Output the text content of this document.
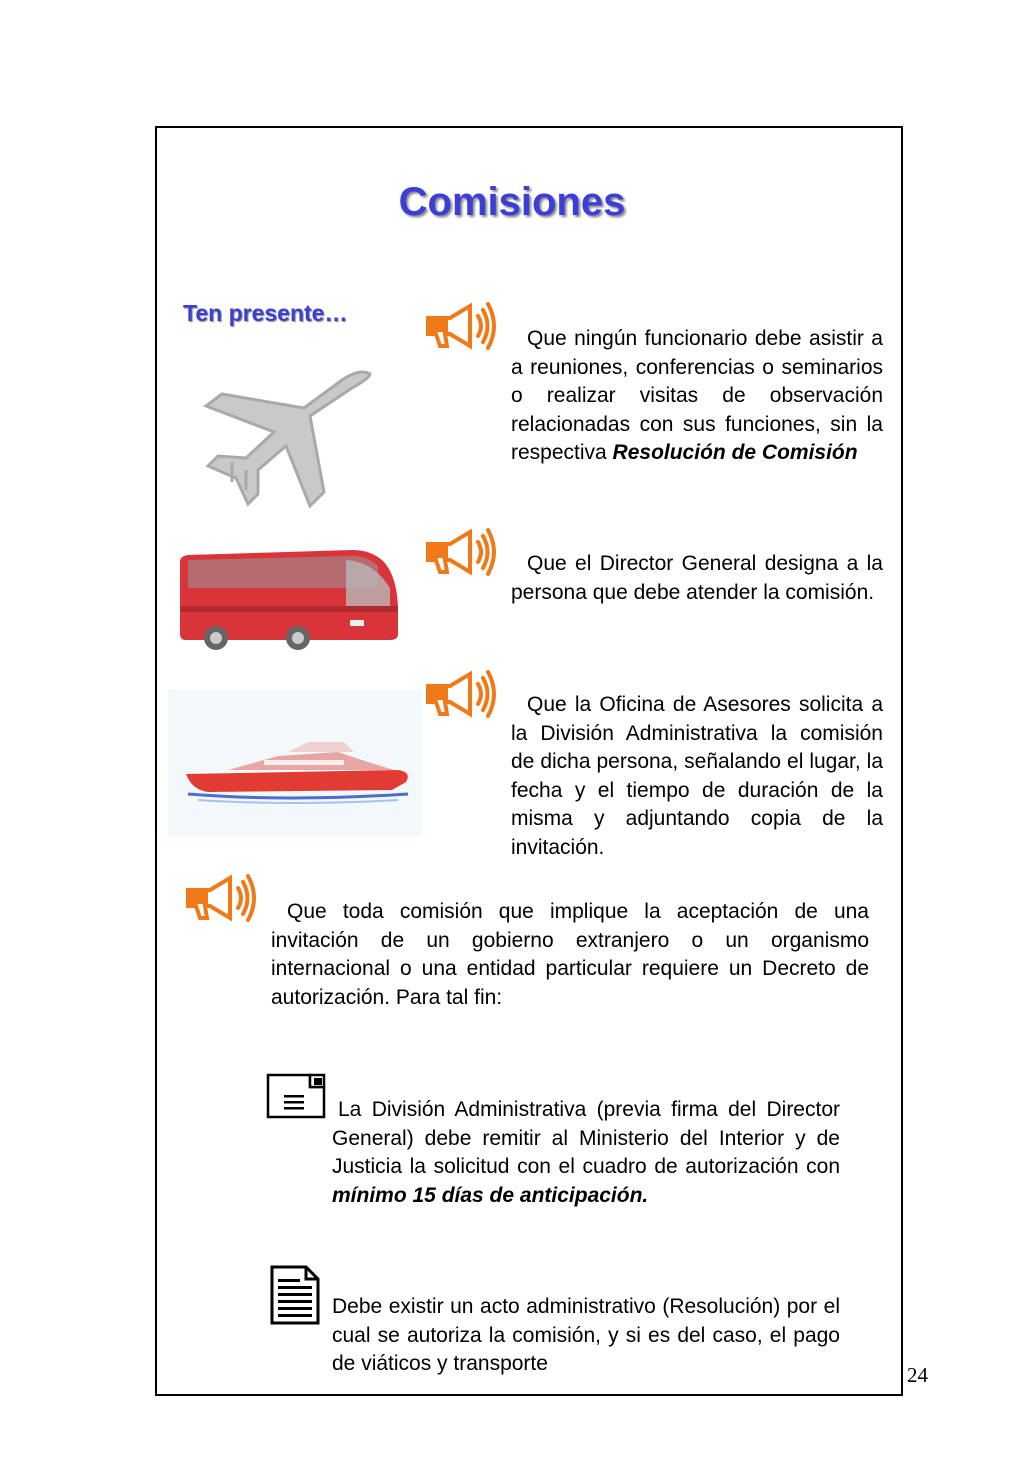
Comisiones
Ten presente…
Que ningún funcionario debe asistir a a reuniones, conferencias o seminarios o realizar visitas de observación relacionadas con sus funciones, sin la respectiva Resolución de Comisión
Que el Director General designa a la persona que debe atender la comisión.
Que la Oficina de Asesores solicita a la División Administrativa la comisión de dicha persona, señalando el lugar, la fecha y el tiempo de duración de la misma y adjuntando copia de la invitación.
Que toda comisión que implique la aceptación de una invitación de un gobierno extranjero o un organismo internacional o una entidad particular requiere un Decreto de autorización. Para tal fin:
La División Administrativa (previa firma del Director General) debe remitir al Ministerio del Interior y de Justicia la solicitud con el cuadro de autorización con mínimo 15 días de anticipación.
Debe existir un acto administrativo (Resolución) por el cual se autoriza la comisión, y si es del caso, el pago de viáticos y transporte	24
